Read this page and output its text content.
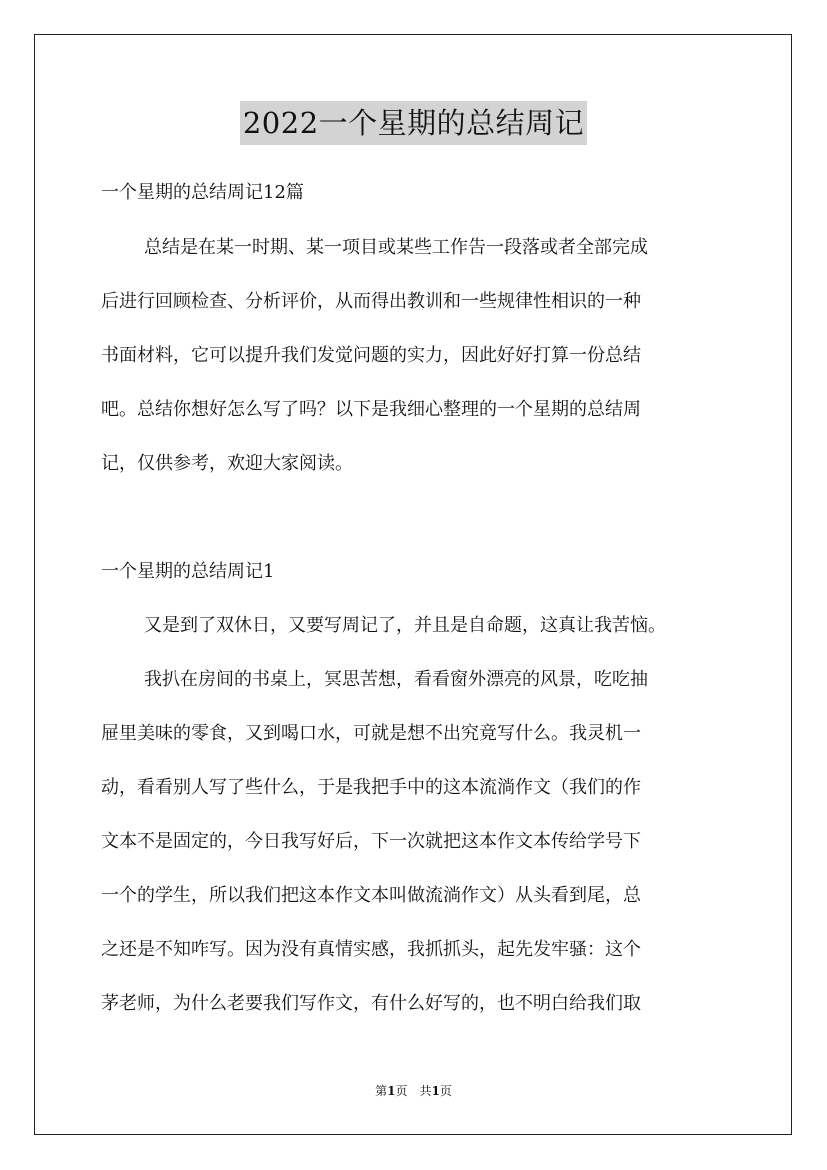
2022一个星期的总结周记
一个星期的总结周记12篇
总结是在某一时期、某一项目或某些工作告一段落或者全部完成
后进行回顾检查、分析评价，从而得出教训和一些规律性相识的一种
书面材料，它可以提升我们发觉问题的实力，因此好好打算一份总结
吧。总结你想好怎么写了吗？以下是我细心整理的一个星期的总结周
记，仅供参考，欢迎大家阅读。
一个星期的总结周记1
又是到了双休日，又要写周记了，并且是自命题，这真让我苦恼。
我扒在房间的书桌上，冥思苦想，看看窗外漂亮的风景，吃吃抽
屉里美味的零食，又到喝口水，可就是想不出究竟写什么。我灵机一
动，看看别人写了些什么，于是我把手中的这本流淌作文（我们的作
文本不是固定的，今日我写好后，下一次就把这本作文本传给学号下
一个的学生，所以我们把这本作文本叫做流淌作文）从头看到尾，总
之还是不知咋写。因为没有真情实感，我抓抓头，起先发牢骚：这个
茅老师，为什么老要我们写作文，有什么好写的，也不明白给我们取
第1页　共1页
